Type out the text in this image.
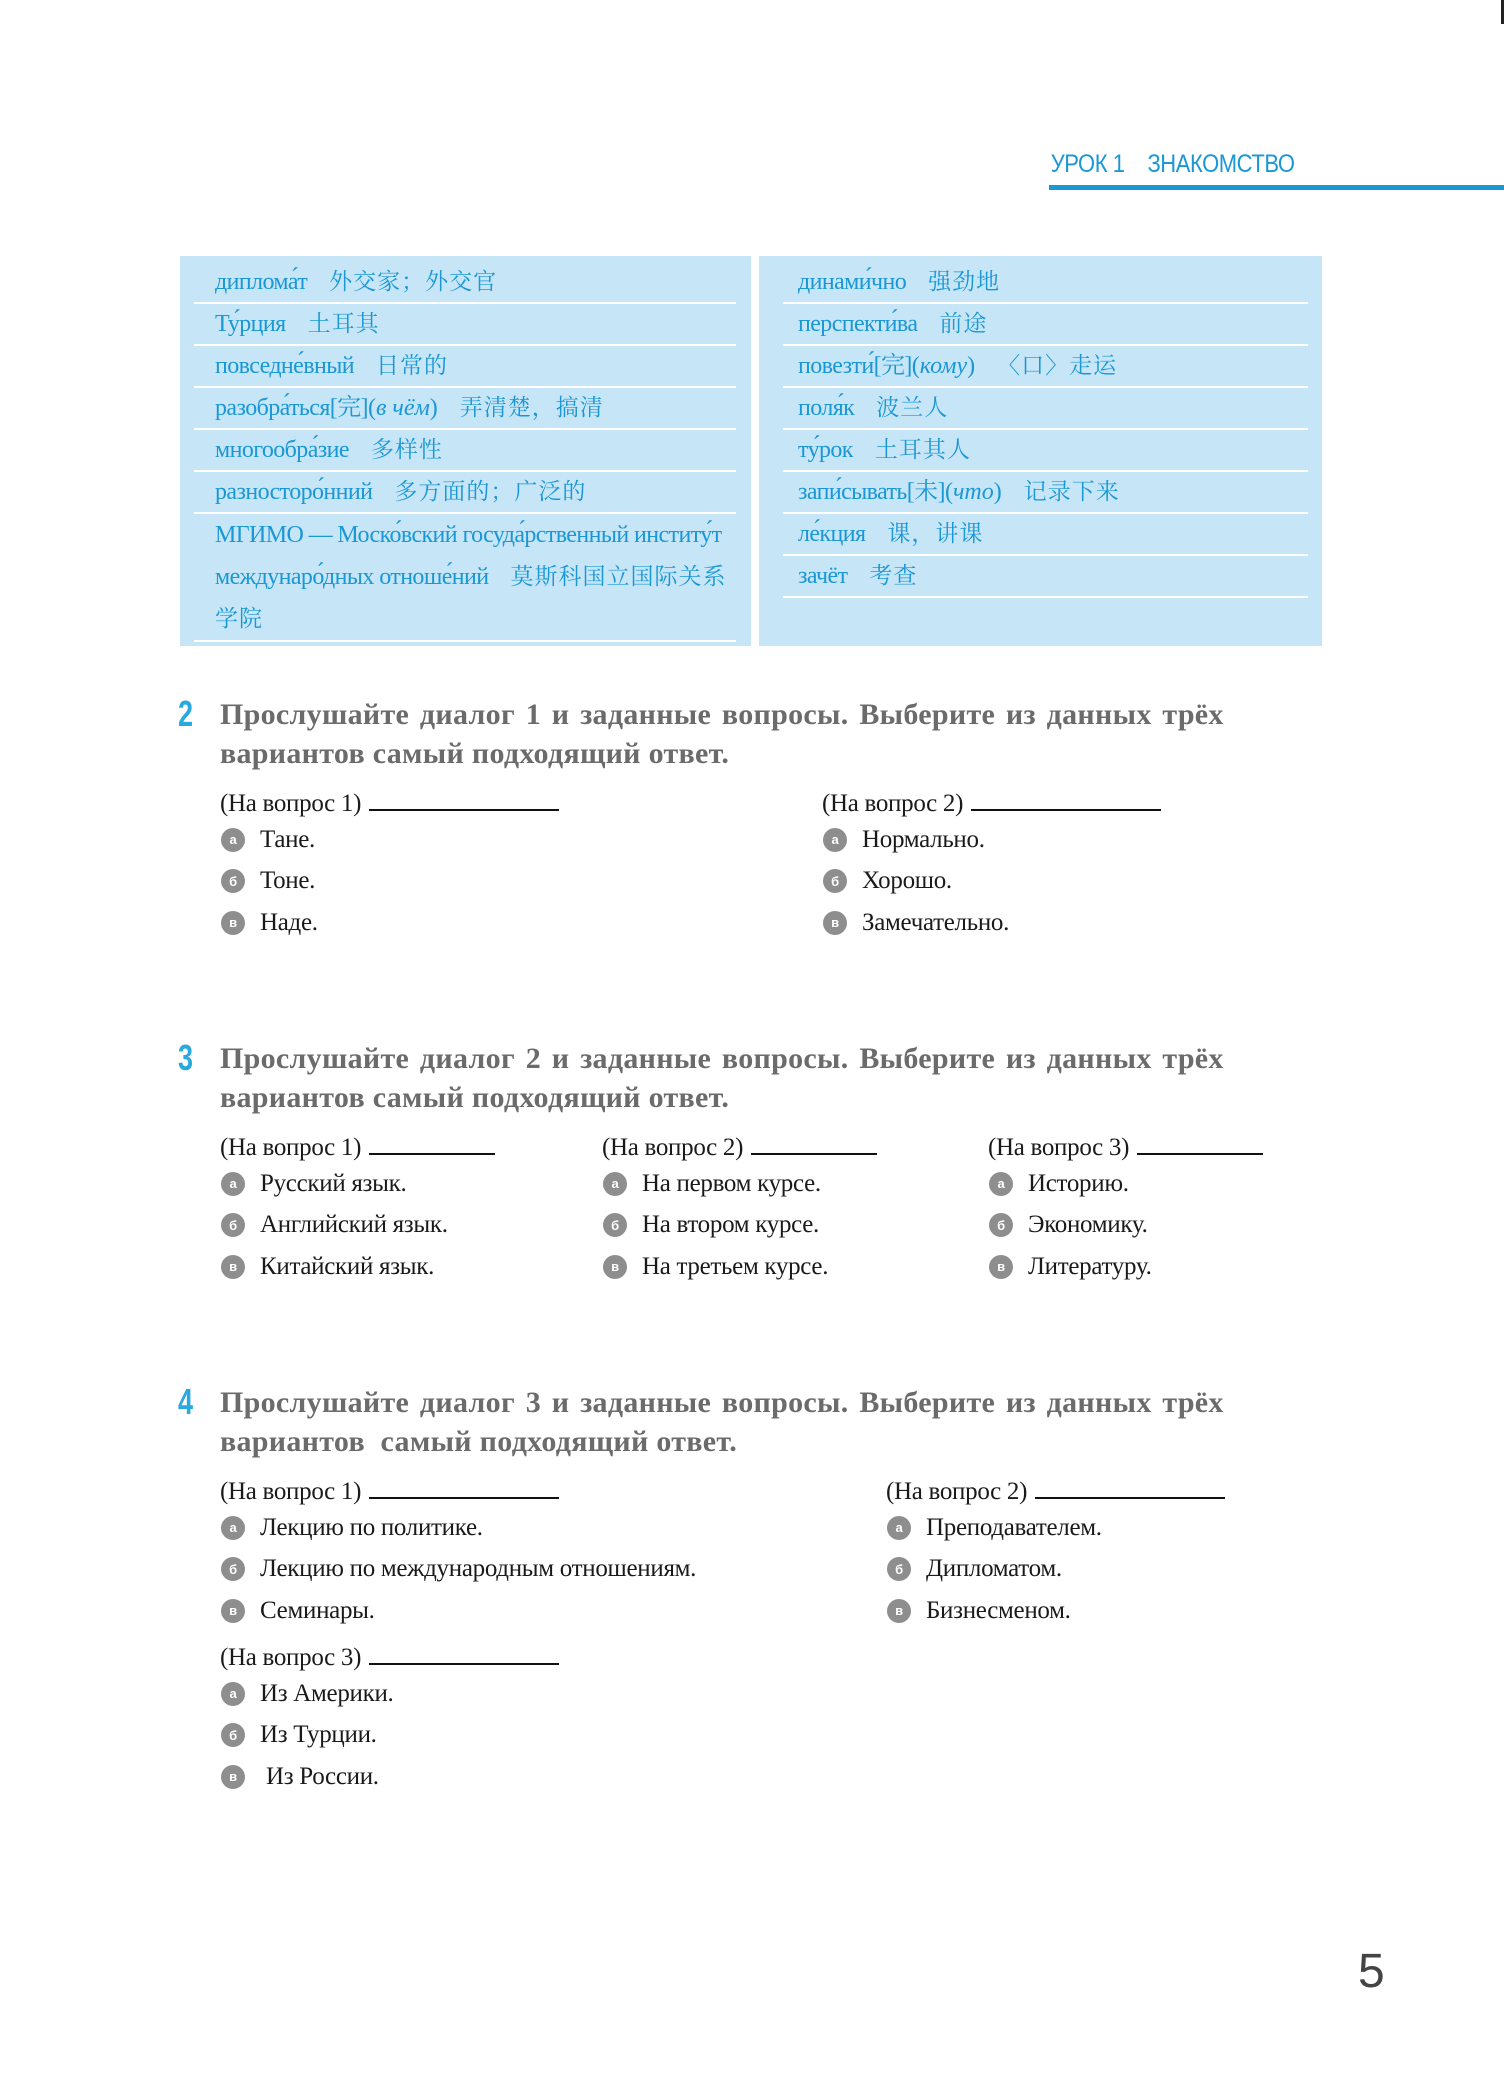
УРОК 1 ЗНАКОМСТВО
диплома́т 外交家；外交官
Ту́рция 土耳其
повседне́вный 日常的
разобра́ться[完](в чём) 弄清楚，搞清
многообра́зие 多样性
разносторо́нний 多方面的；广泛的
МГИМО — Моско́вский госуда́рственный институ́т междунаро́дных отноше́ний 莫斯科国立国际关系学院
динами́чно 强劲地
перспекти́ва 前途
повезти́[完](кому) 〈口〉走运
поля́к 波兰人
ту́рок 土耳其人
запи́сывать[未](что) 记录下来
ле́кция 课，讲课
зачёт 考查
2 Прослушайте диалог 1 и заданные вопросы. Выберите из данных трёх
вариантов самый подходящий ответ.
(На вопрос 1)
а Тане.
б Тоне.
в Наде.
(На вопрос 2)
а Нормально.
б Хорошо.
в Замечательно.
3 Прослушайте диалог 2 и заданные вопросы. Выберите из данных трёх
вариантов самый подходящий ответ.
(На вопрос 1)
а Русский язык.
б Английский язык.
в Китайский язык.
(На вопрос 2)
а На первом курсе.
б На втором курсе.
в На третьем курсе.
(На вопрос 3)
а Историю.
б Экономику.
в Литературу.
4 Прослушайте диалог 3 и заданные вопросы. Выберите из данных трёх
вариантов  самый подходящий ответ.
(На вопрос 1)
а Лекцию по политике.
б Лекцию по международным отношениям.
в Семинары.
(На вопрос 2)
а Преподавателем.
б Дипломатом.
в Бизнесменом.
(На вопрос 3)
а Из Америки.
б Из Турции.
в Из России.
5
